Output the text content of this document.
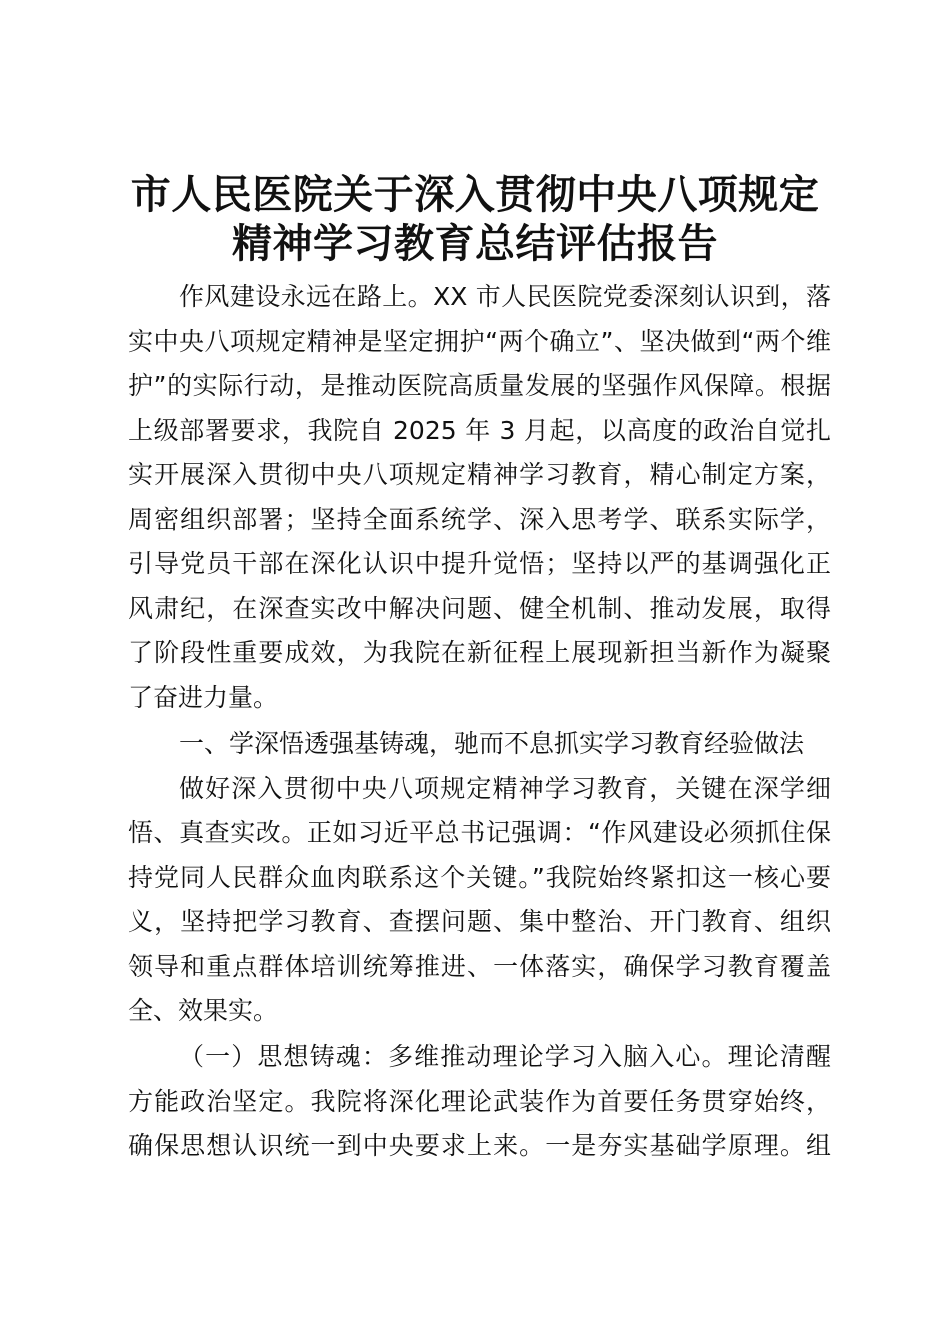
市人民医院关于深入贯彻中央八项规定
精神学习教育总结评估报告
作风建设永远在路上。XX 市人民医院党委深刻认识到，落
实中央八项规定精神是坚定拥护“两个确立”、坚决做到“两个维
护”的实际行动，是推动医院高质量发展的坚强作风保障。根据
上级部署要求，我院自 2025 年 3 月起，以高度的政治自觉扎
实开展深入贯彻中央八项规定精神学习教育，精心制定方案，
周密组织部署；坚持全面系统学、深入思考学、联系实际学，
引导党员干部在深化认识中提升觉悟；坚持以严的基调强化正
风肃纪，在深查实改中解决问题、健全机制、推动发展，取得
了阶段性重要成效，为我院在新征程上展现新担当新作为凝聚
了奋进力量。
一、学深悟透强基铸魂，驰而不息抓实学习教育经验做法
做好深入贯彻中央八项规定精神学习教育，关键在深学细
悟、真查实改。正如习近平总书记强调：“作风建设必须抓住保
持党同人民群众血肉联系这个关键。”我院始终紧扣这一核心要
义，坚持把学习教育、查摆问题、集中整治、开门教育、组织
领导和重点群体培训统筹推进、一体落实，确保学习教育覆盖
全、效果实。
（一）思想铸魂：多维推动理论学习入脑入心。理论清醒
方能政治坚定。我院将深化理论武装作为首要任务贯穿始终，
确保思想认识统一到中央要求上来。一是夯实基础学原理。组
